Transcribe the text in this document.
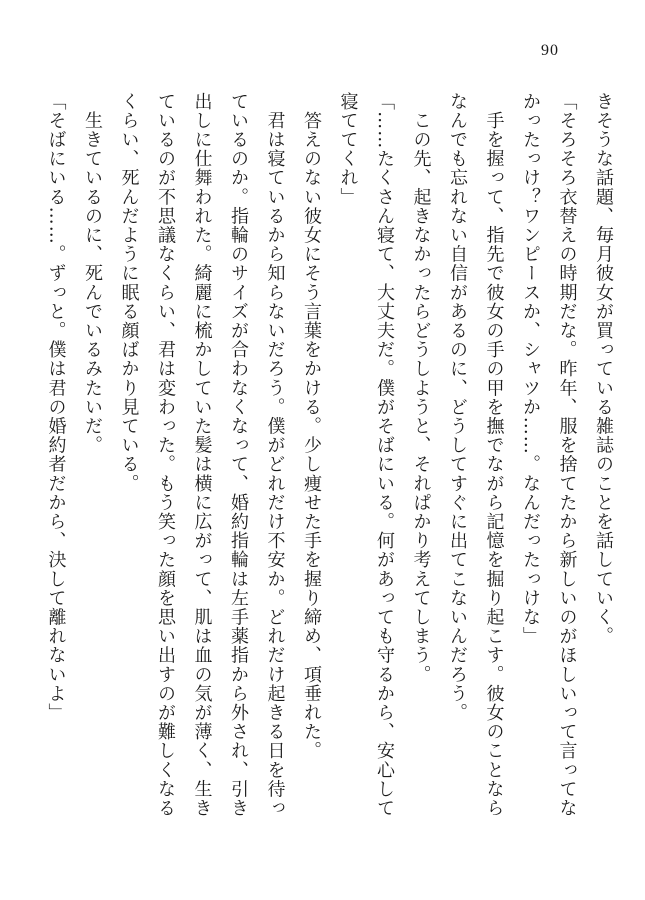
90
きそうな話題、毎月彼女が買っている雑誌のことを話していく。
「そろそろ衣替えの時期だな。昨年、服を捨てたから新しいのがほしいって言ってな
かったっけ？ワンピースか、シャツか……。なんだったっけな」
　手を握って、指先で彼女の手の甲を撫でながら記憶を掘り起こす。彼女のことなら
なんでも忘れない自信があるのに、どうしてすぐに出てこないんだろう。
　この先、起きなかったらどうしようと、それぱかり考えてしまう。
「……たくさん寝て、大丈夫だ。僕がそばにいる。何があっても守るから、安心して
寝ててくれ」
　答えのない彼女にそう言葉をかける。少し痩せた手を握り締め、項垂れた。
　君は寝ているから知らないだろう。僕がどれだけ不安か。どれだけ起きる日を待っ
ているのか。指輪のサイズが合わなくなって、婚約指輪は左手薬指から外され、引き
出しに仕舞われた。綺麗に梳かしていた髪は横に広がって、肌は血の気が薄く、生き
ているのが不思議なくらい、君は変わった。もう笑った顔を思い出すのが難しくなる
くらい、死んだように眠る顔ばかり見ている。
　生きているのに、死んでいるみたいだ。
「そばにいる……。ずっと。僕は君の婚約者だから、決して離れないよ」
